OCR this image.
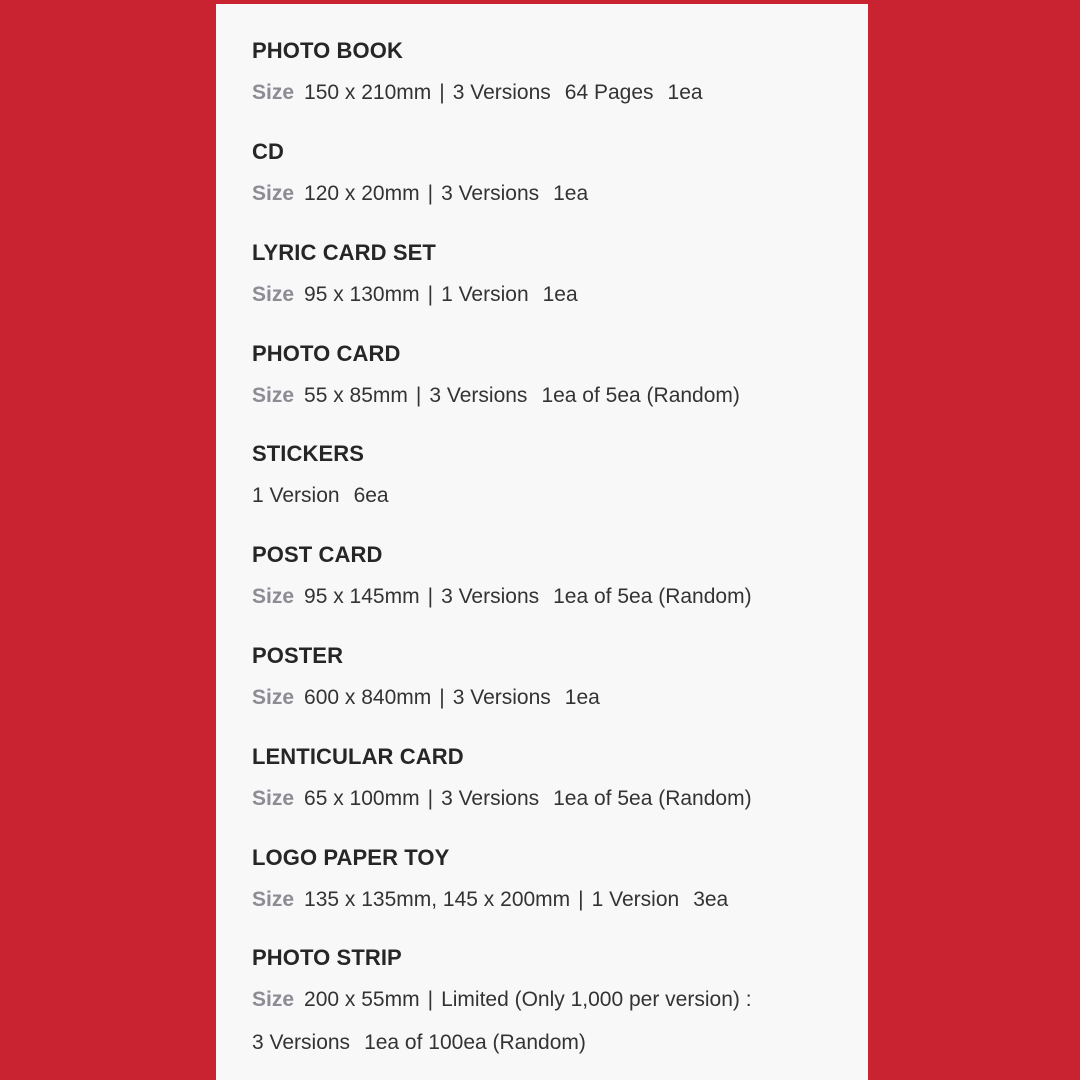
PHOTO BOOK
Size 150 x 210mm | 3 Versions 64 Pages 1ea
CD
Size 120 x 20mm | 3 Versions 1ea
LYRIC CARD SET
Size 95 x 130mm | 1 Version 1ea
PHOTO CARD
Size 55 x 85mm | 3 Versions 1ea of 5ea (Random)
STICKERS
1 Version 6ea
POST CARD
Size 95 x 145mm | 3 Versions 1ea of 5ea (Random)
POSTER
Size 600 x 840mm | 3 Versions 1ea
LENTICULAR CARD
Size 65 x 100mm | 3 Versions 1ea of 5ea (Random)
LOGO PAPER TOY
Size 135 x 135mm, 145 x 200mm | 1 Version 3ea
PHOTO STRIP
Size 200 x 55mm | Limited (Only 1,000 per version) :
3 Versions 1ea of 100ea (Random)
